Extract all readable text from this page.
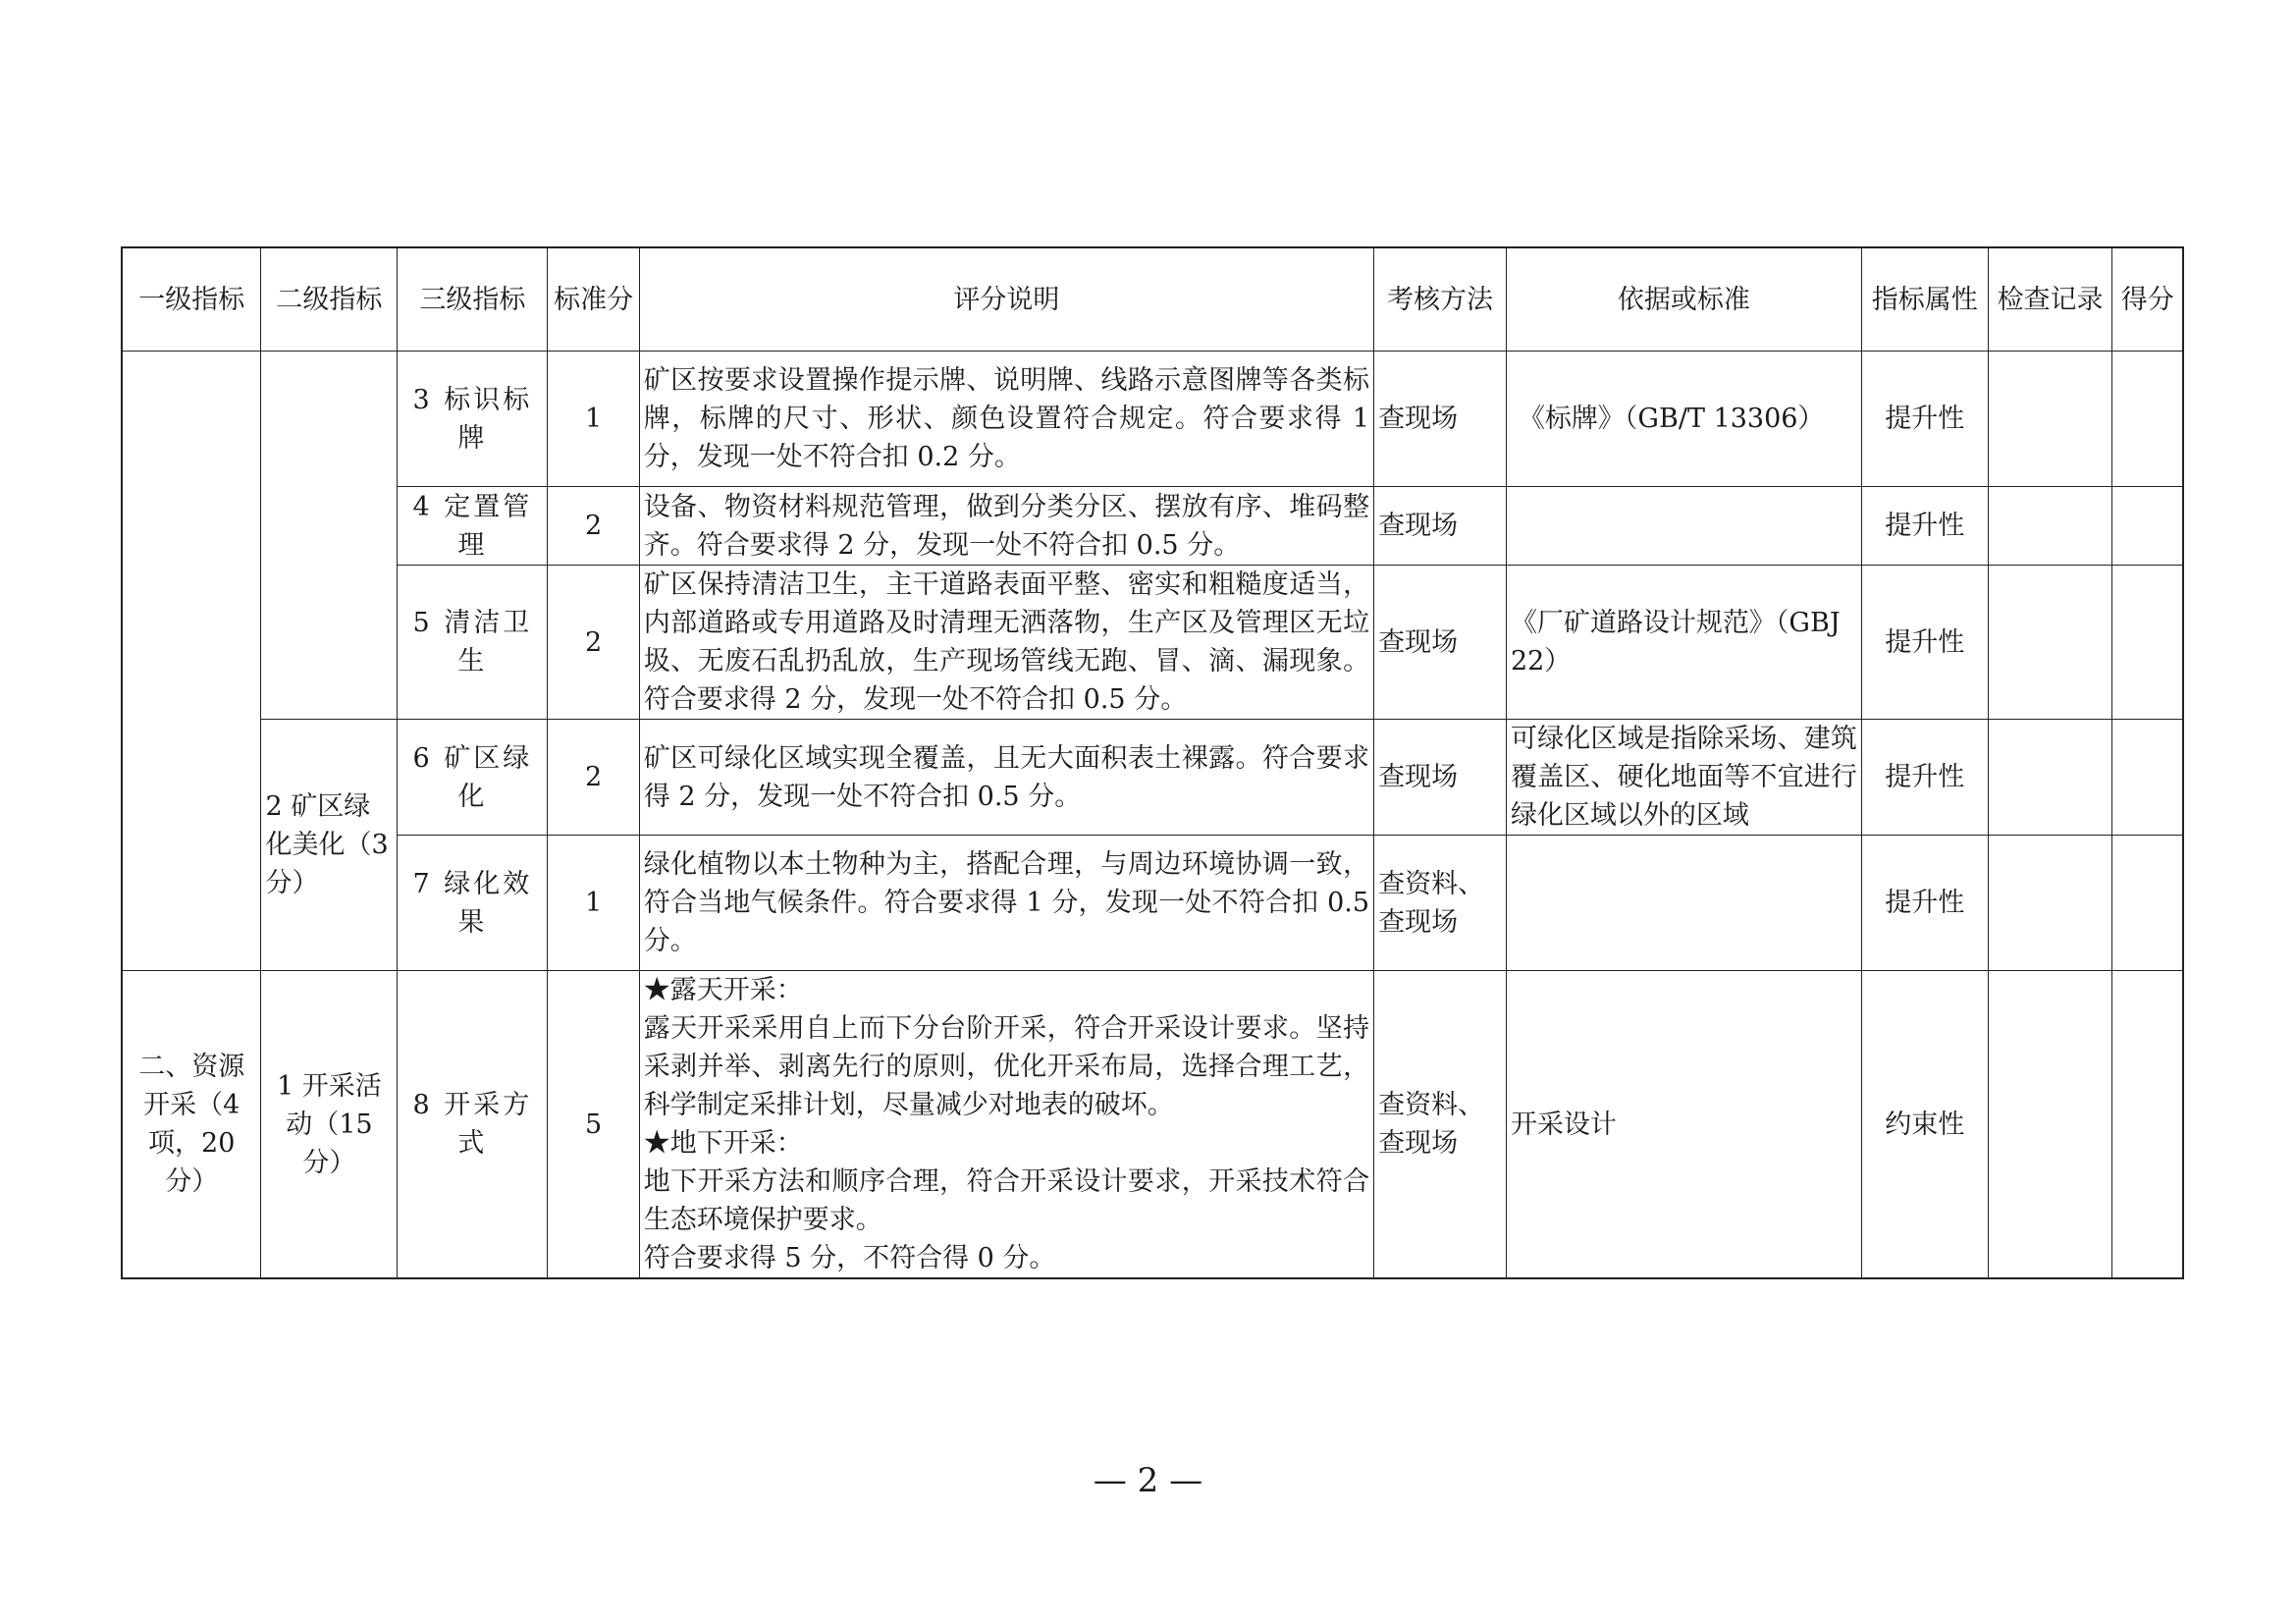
一级指标	二级指标	三级指标	标准分	评分说明	考核方法	依据或标准	指标属性	检查记录	得分
		3 标识标牌	1	矿区按要求设置操作提示牌、说明牌、线路示意图牌等各类标牌，标牌的尺寸、形状、颜色设置符合规定。符合要求得 1 分，发现一处不符合扣 0.2 分。	查现场	《标牌》（GB/T 13306）	提升性		
		4 定置管理	2	设备、物资材料规范管理，做到分类分区、摆放有序、堆码整齐。符合要求得 2 分，发现一处不符合扣 0.5 分。	查现场		提升性		
		5 清洁卫生	2	矿区保持清洁卫生，主干道路表面平整、密实和粗糙度适当，内部道路或专用道路及时清理无洒落物，生产区及管理区无垃圾、无废石乱扔乱放，生产现场管线无跑、冒、滴、漏现象。符合要求得 2 分，发现一处不符合扣 0.5 分。	查现场	《厂矿道路设计规范》（GBJ 22）	提升性		
	2 矿区绿化美化（3 分）	6 矿区绿化	2	矿区可绿化区域实现全覆盖，且无大面积表土裸露。符合要求得 2 分，发现一处不符合扣 0.5 分。	查现场	可绿化区域是指除采场、建筑覆盖区、硬化地面等不宜进行绿化区域以外的区域	提升性		
		7 绿化效果	1	绿化植物以本土物种为主，搭配合理，与周边环境协调一致，符合当地气候条件。符合要求得 1 分，发现一处不符合扣 0.5 分。	查资料、查现场		提升性		
二、资源开采（4 项，20 分）	1 开采活动（15 分）	8 开采方式	5	★露天开采：
露天开采采用自上而下分台阶开采，符合开采设计要求。坚持采剥并举、剥离先行的原则，优化开采布局，选择合理工艺，科学制定采排计划，尽量减少对地表的破坏。
★地下开采：
地下开采方法和顺序合理，符合开采设计要求，开采技术符合生态环境保护要求。
符合要求得 5 分，不符合得 0 分。	查资料、查现场	开采设计	约束性		
— 2 —
